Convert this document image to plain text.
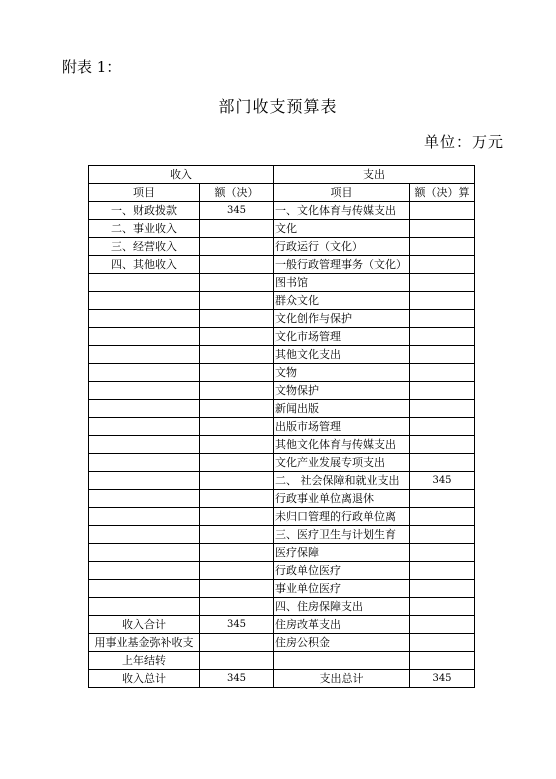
附表 1：
部门收支预算表
单位：万元
收入		支出	
项目	额（决）	项目	额（决）算
一、财政拨款	345	一、文化体育与传媒支出	
二、事业收入		文化	
三、经营收入		行政运行（文化）	
四、其他收入		一般行政管理事务（文化）	
		图书馆	
		群众文化	
		文化创作与保护	
		文化市场管理	
		其他文化支出	
		文物	
		文物保护	
		新闻出版	
		出版市场管理	
		其他文化体育与传媒支出	
		文化产业发展专项支出	
		二、 社会保障和就业支出	345
		行政事业单位离退休	
		未归口管理的行政单位离	
		三、医疗卫生与计划生育	
		医疗保障	
		行政单位医疗	
		事业单位医疗	
		四、住房保障支出	
收入合计	345	住房改革支出	
用事业基金弥补收支		住房公积金	
上年结转			
收入总计	345	支出总计	345
